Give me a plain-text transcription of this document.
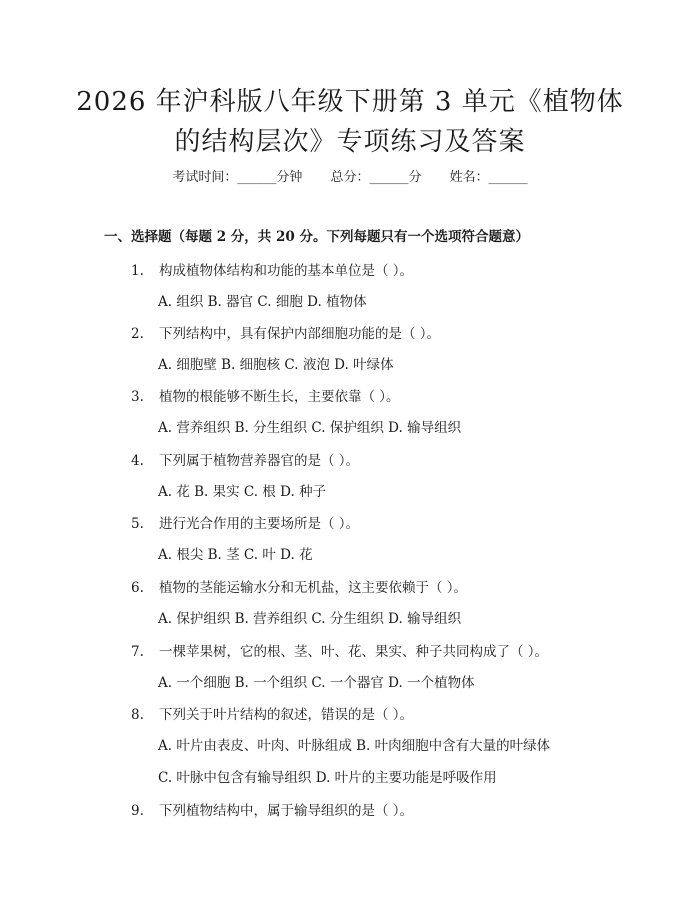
2026 年沪科版八年级下册第 3 单元《植物体
的结构层次》专项练习及答案
考试时间：______分钟 总分：______分 姓名：______
一、选择题（每题 2 分，共 20 分。下列每题只有一个选项符合题意）
1. 构成植物体结构和功能的基本单位是（ ）。
A. 组织 B. 器官 C. 细胞 D. 植物体
2. 下列结构中，具有保护内部细胞功能的是（ ）。
A. 细胞壁 B. 细胞核 C. 液泡 D. 叶绿体
3. 植物的根能够不断生长，主要依靠（ ）。
A. 营养组织 B. 分生组织 C. 保护组织 D. 输导组织
4. 下列属于植物营养器官的是（ ）。
A. 花 B. 果实 C. 根 D. 种子
5. 进行光合作用的主要场所是（ ）。
A. 根尖 B. 茎 C. 叶 D. 花
6. 植物的茎能运输水分和无机盐，这主要依赖于（ ）。
A. 保护组织 B. 营养组织 C. 分生组织 D. 输导组织
7. 一棵苹果树，它的根、茎、叶、花、果实、种子共同构成了（ ）。
A. 一个细胞 B. 一个组织 C. 一个器官 D. 一个植物体
8. 下列关于叶片结构的叙述，错误的是（ ）。
A. 叶片由表皮、叶肉、叶脉组成 B. 叶肉细胞中含有大量的叶绿体
C. 叶脉中包含有输导组织 D. 叶片的主要功能是呼吸作用
9. 下列植物结构中，属于输导组织的是（ ）。
